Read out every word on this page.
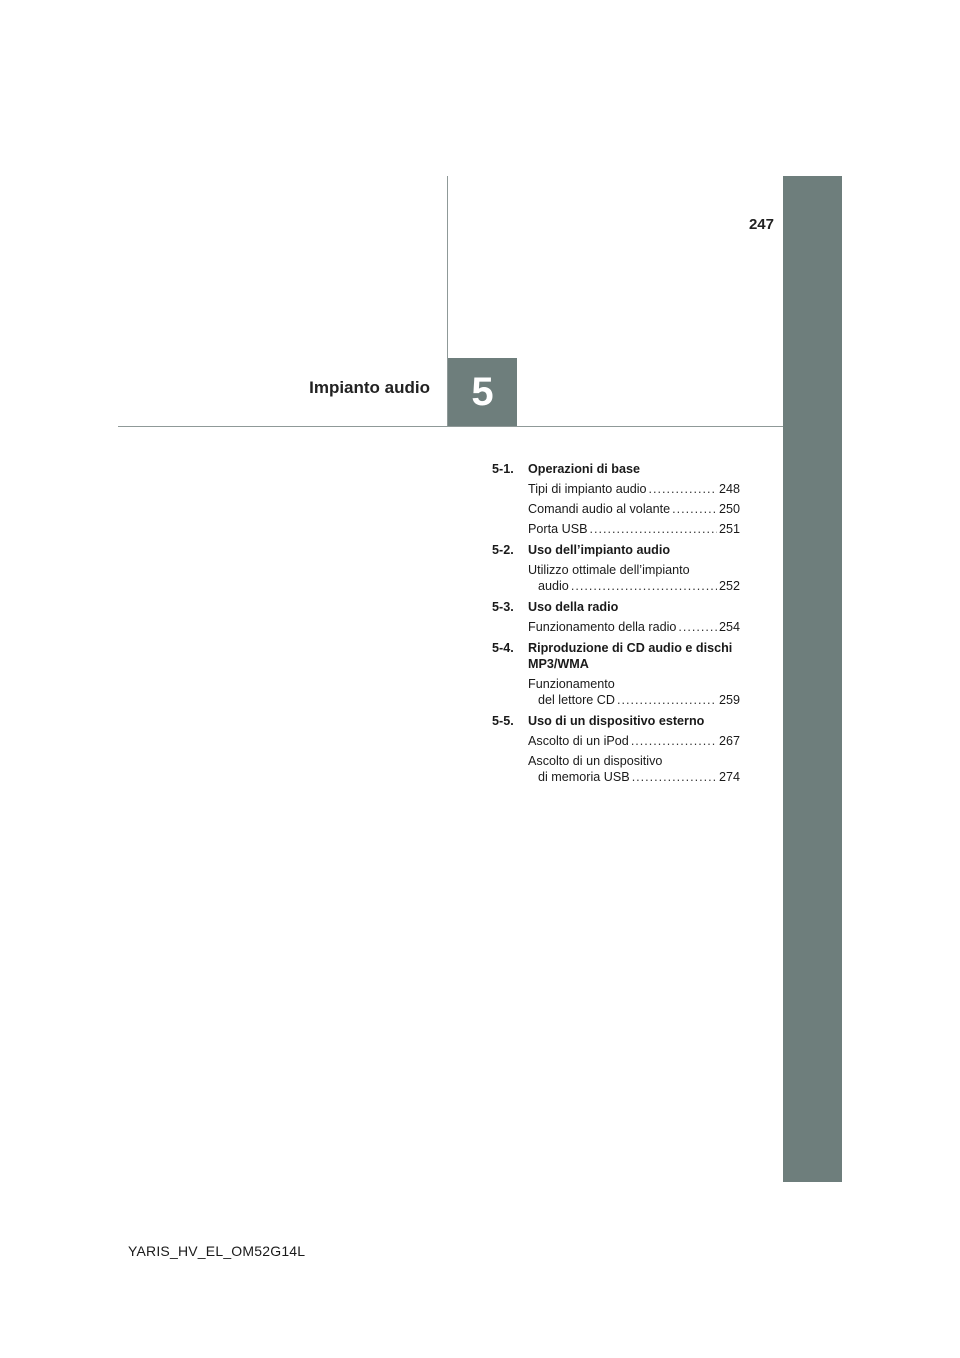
247
Impianto audio 5
5-1.	Operazioni di base
Tipi di impianto audio .....	248
Comandi audio al volante .....	250
Porta USB .....	251
5-2.	Uso dell’impianto audio
Utilizzo ottimale dell’impianto
audio .....	252
5-3.	Uso della radio
Funzionamento della radio .....	254
5-4.	Riproduzione di CD audio e dischi MP3/WMA
Funzionamento
del lettore CD .....	259
5-5.	Uso di un dispositivo esterno
Ascolto di un iPod .....	267
Ascolto di un dispositivo
di memoria USB .....	274
YARIS_HV_EL_OM52G14L
